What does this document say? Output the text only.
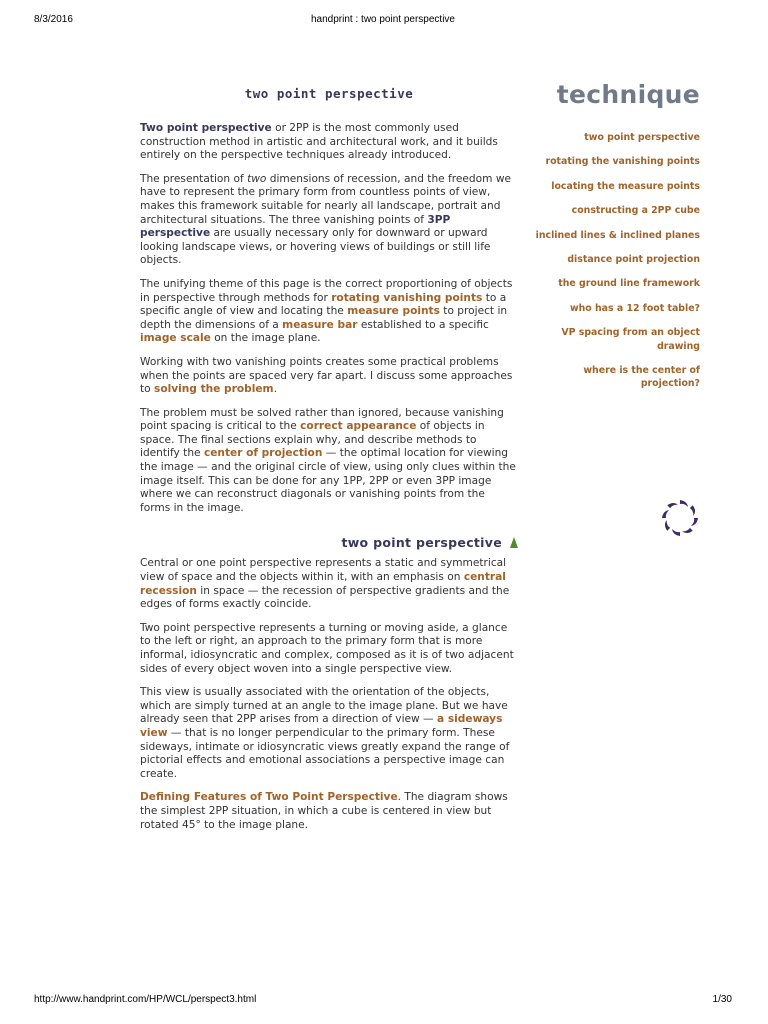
8/3/2016	handprint : two point perspective
two point perspective

Two point perspective or 2PP is the most commonly used construction method in artistic and architectural work, and it builds entirely on the perspective techniques already introduced.

The presentation of two dimensions of recession, and the freedom we have to represent the primary form from countless points of view, makes this framework suitable for nearly all landscape, portrait and architectural situations. The three vanishing points of 3PP perspective are usually necessary only for downward or upward looking landscape views, or hovering views of buildings or still life objects.

The unifying theme of this page is the correct proportioning of objects in perspective through methods for rotating vanishing points to a specific angle of view and locating the measure points to project in depth the dimensions of a measure bar established to a specific image scale on the image plane.

Working with two vanishing points creates some practical problems when the points are spaced very far apart. I discuss some approaches to solving the problem.

The problem must be solved rather than ignored, because vanishing point spacing is critical to the correct appearance of objects in space. The final sections explain why, and describe methods to identify the center of projection — the optimal location for viewing the image — and the original circle of view, using only clues within the image itself. This can be done for any 1PP, 2PP or even 3PP image where we can reconstruct diagonals or vanishing points from the forms in the image.

two point perspective

Central or one point perspective represents a static and symmetrical view of space and the objects within it, with an emphasis on central recession in space — the recession of perspective gradients and the edges of forms exactly coincide.

Two point perspective represents a turning or moving aside, a glance to the left or right, an approach to the primary form that is more informal, idiosyncratic and complex, composed as it is of two adjacent sides of every object woven into a single perspective view.

This view is usually associated with the orientation of the objects, which are simply turned at an angle to the image plane. But we have already seen that 2PP arises from a direction of view — a sideways view — that is no longer perpendicular to the primary form. These sideways, intimate or idiosyncratic views greatly expand the range of pictorial effects and emotional associations a perspective image can create.

Defining Features of Two Point Perspective. The diagram shows the simplest 2PP situation, in which a cube is centered in view but rotated 45° to the image plane.

technique
two point perspective
rotating the vanishing points
locating the measure points
constructing a 2PP cube
inclined lines & inclined planes
distance point projection
the ground line framework
who has a 12 foot table?
VP spacing from an object drawing
where is the center of projection?
http://www.handprint.com/HP/WCL/perspect3.html	1/30
